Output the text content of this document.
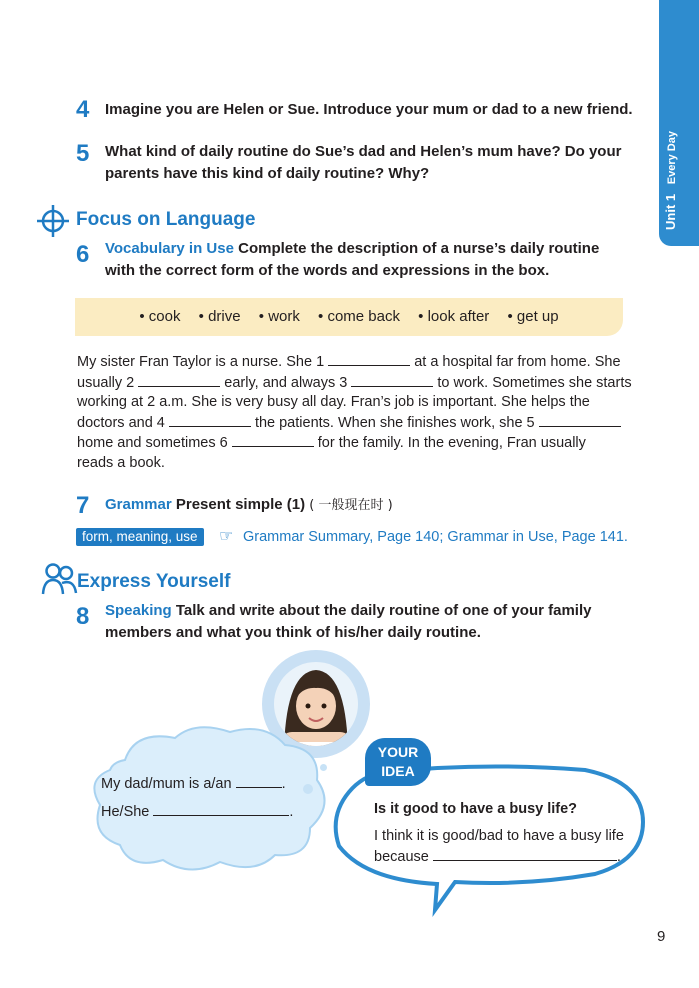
Unit 1 Every Day
4 Imagine you are Helen or Sue. Introduce your mum or dad to a new friend.
5 What kind of daily routine do Sue’s dad and Helen’s mum have? Do your
parents have this kind of daily routine? Why?
Focus on Language
6 Vocabulary in Use Complete the description of a nurse’s daily routine
with the correct form of the words and expressions in the box.
• cook • drive • work • come back • look after • get up
My sister Fran Taylor is a nurse. She 1	at a hospital far from home. She
usually 2	early, and always 3	to work. Sometimes she starts
working at 2 a.m. She is very busy all day. Fran’s job is important. She helps the
doctors and 4	the patients. When she finishes work, she 5
home and sometimes 6	for the family. In the evening, Fran usually
reads a book.
7 Grammar Present simple (1) ( 一般现在时 )
form, meaning, use	☞ Grammar Summary, Page 140; Grammar in Use, Page 141.
Express Yourself
8 Speaking Talk and write about the daily routine of one of your family
members and what you think of his/her daily routine.
My dad/mum is a/an	.
He/She	.
YOUR
IDEA
Is it good to have a busy life?
I think it is good/bad to have a busy life
because	.
9
